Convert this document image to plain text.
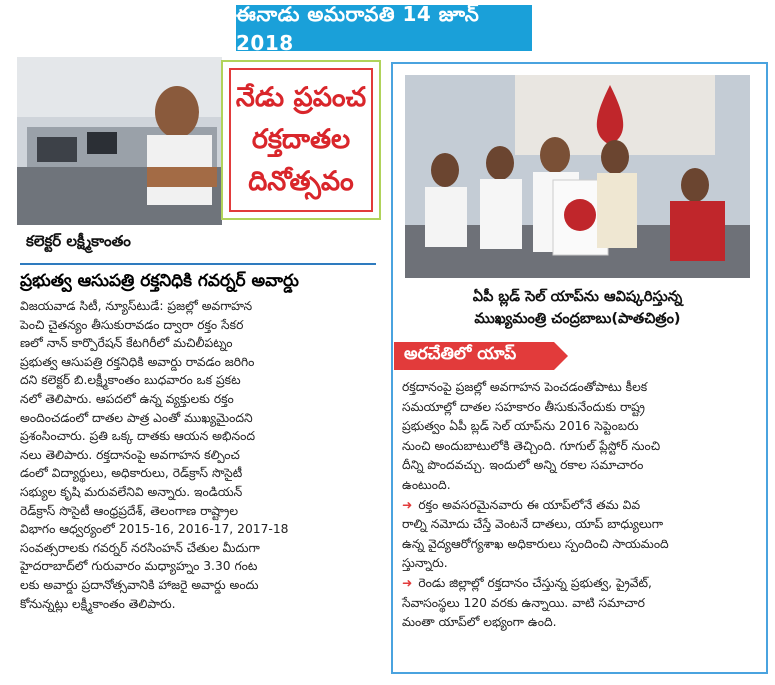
ఈనాడు అమరావతి 14 జూన్ 2018
నేడు ప్రపంచ
రక్తదాతల
దినోత్సవం
కలెక్టర్ లక్ష్మీకాంతం
ప్రభుత్వ ఆసుపత్రి రక్తనిధికి గవర్నర్ అవార్డు

విజయవాడ సిటీ, న్యూస్‌టుడే: ప్రజల్లో అవగాహన

పెంచి చైతన్యం తీసుకురావడం ద్వారా రక్తం సేకర

ణలో నాన్ కార్పొరేషన్ కేటగిరీలో మచిలీపట్నం

ప్రభుత్వ ఆసుపత్రి రక్తనిధికి అవార్డు రావడం జరిగిం

దని కలెక్టర్ బి.లక్ష్మీకాంతం బుధవారం ఒక ప్రకట

నలో తెలిపారు. ఆపదలో ఉన్న వ్యక్తులకు రక్తం

అందించడంలో దాతల పాత్ర ఎంతో ముఖ్యమైందని

ప్రశంసించారు. ప్రతి ఒక్క దాతకు ఆయన అభినంద

నలు తెలిపారు. రక్తదానంపై అవగాహన కల్పించ

డంలో విద్యార్థులు, అధికారులు, రెడ్‌క్రాస్ సొసైటీ

సభ్యుల కృషి మరువలేనివి అన్నారు. ఇండియన్

రెడ్‌క్రాస్ సొసైటీ ఆంధ్రప్రదేశ్, తెలంగాణ రాష్ట్రాల

విభాగం ఆధ్వర్యంలో 2015-16, 2016-17, 2017-18

సంవత్సరాలకు గవర్నర్ నరసింహన్ చేతుల మీదుగా

హైదరాబాద్‌లో గురువారం మధ్యాహ్నం 3.30 గంట

లకు అవార్డు ప్రదానోత్సవానికి హాజరై అవార్డు అందు

కోనున్నట్లు లక్ష్మీకాంతం తెలిపారు.

ఏపీ బ్లడ్ సెల్ యాప్‌ను ఆవిష్కరిస్తున్న
ముఖ్యమంత్రి చంద్రబాబు(పాతచిత్రం)
అరచేతిలో యాప్

రక్తదానంపై ప్రజల్లో అవగాహన పెంచడంతోపాటు కీలక

సమయాల్లో దాతల సహకారం తీసుకునేందుకు రాష్ట్ర

ప్రభుత్వం ఏపీ బ్లడ్ సెల్ యాప్‌ను 2016 సెప్టెంబరు

నుంచి అందుబాటులోకి తెచ్చింది. గూగుల్ ప్లేస్టోర్ నుంచి

దీన్ని పొందవచ్చు. ఇందులో అన్ని రకాల సమాచారం

ఉంటుంది.

➜ రక్తం అవసరమైనవారు ఈ యాప్‌లోనే తమ వివ

రాల్ని నమోదు చేస్తే వెంటనే దాతలు, యాప్ బాధ్యులుగా

ఉన్న వైద్యఆరోగ్యశాఖ అధికారులు స్పందించి సాయమంది

స్తున్నారు.

➜ రెండు జిల్లాల్లో రక్తదానం చేస్తున్న ప్రభుత్వ, ప్రైవేట్,

సేవాసంస్థలు 120 వరకు ఉన్నాయి. వాటి సమాచార

మంతా యాప్‌లో లభ్యంగా ఉంది.
